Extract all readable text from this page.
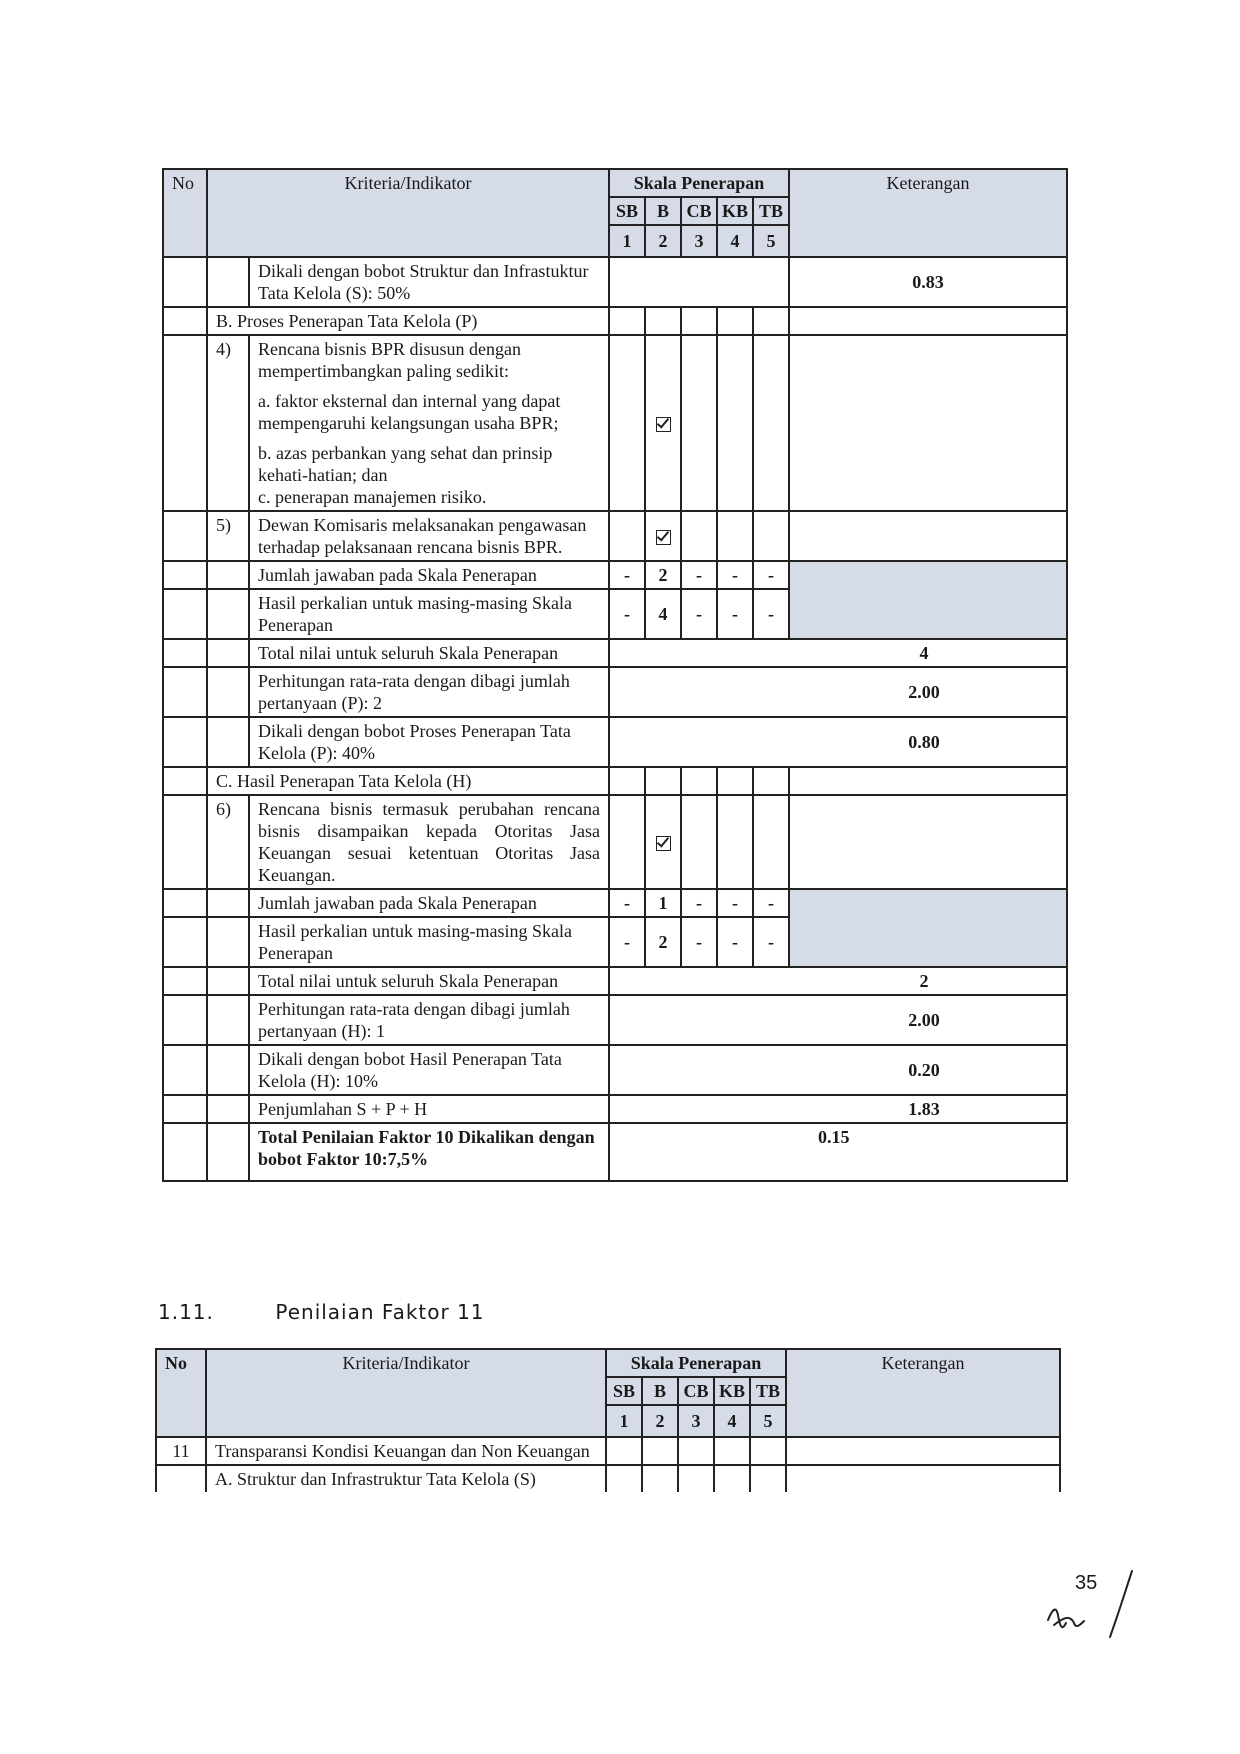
No	Kriteria/Indikator		Skala Penerapan					Keterangan
			SB	B	CB	KB	TB	
			1	2	3	4	5	
		Dikali dengan bobot Struktur dan Infrastuktur Tata Kelola (S): 50%						0.83
	B. Proses Penerapan Tata Kelola (P)							
	4)	Rencana bisnis BPR disusun dengan mempertimbangkan paling sedikit:

a. faktor eksternal dan internal yang dapat mempengaruhi kelangsungan usaha BPR;

b. azas perbankan yang sehat dan prinsip kehati-hatian; dan

c. penerapan manajemen risiko.						

	5)	Dewan Komisaris melaksanakan pengawasan terhadap pelaksanaan rencana bisnis BPR.						
		Jumlah jawaban pada Skala Penerapan	-	2	-	-	-	
		Hasil perkalian untuk masing-masing Skala Penerapan	-	4	-	-	-	
		Total nilai untuk seluruh Skala Penerapan	4					
		Perhitungan rata-rata dengan dibagi jumlah pertanyaan (P): 2	2.00					
		Dikali dengan bobot Proses Penerapan Tata Kelola (P): 40%	0.80					
	C. Hasil Penerapan Tata Kelola (H)							
	6)	Rencana bisnis termasuk perubahan rencana bisnis disampaikan kepada Otoritas Jasa Keuangan sesuai ketentuan Otoritas Jasa Keuangan.						
		Jumlah jawaban pada Skala Penerapan	-	1	-	-	-	
		Hasil perkalian untuk masing-masing Skala Penerapan	-	2	-	-	-	
		Total nilai untuk seluruh Skala Penerapan	2					
		Perhitungan rata-rata dengan dibagi jumlah pertanyaan (H): 1	2.00					
		Dikali dengan bobot Hasil Penerapan Tata Kelola (H): 10%	0.20					
		Penjumlahan S + P + H	1.83					
		Total Penilaian Faktor 10 Dikalikan dengan bobot Faktor 10:7,5%	0.15					
1.11.	Penilaian Faktor 11
No	Kriteria/Indikator	Skala Penerapan					Keterangan
		SB	B	CB	KB	TB	
		1	2	3	4	5	
11	Transparansi Kondisi Keuangan dan Non Keuangan						
	A. Struktur dan Infrastruktur Tata Kelola (S)						
35
